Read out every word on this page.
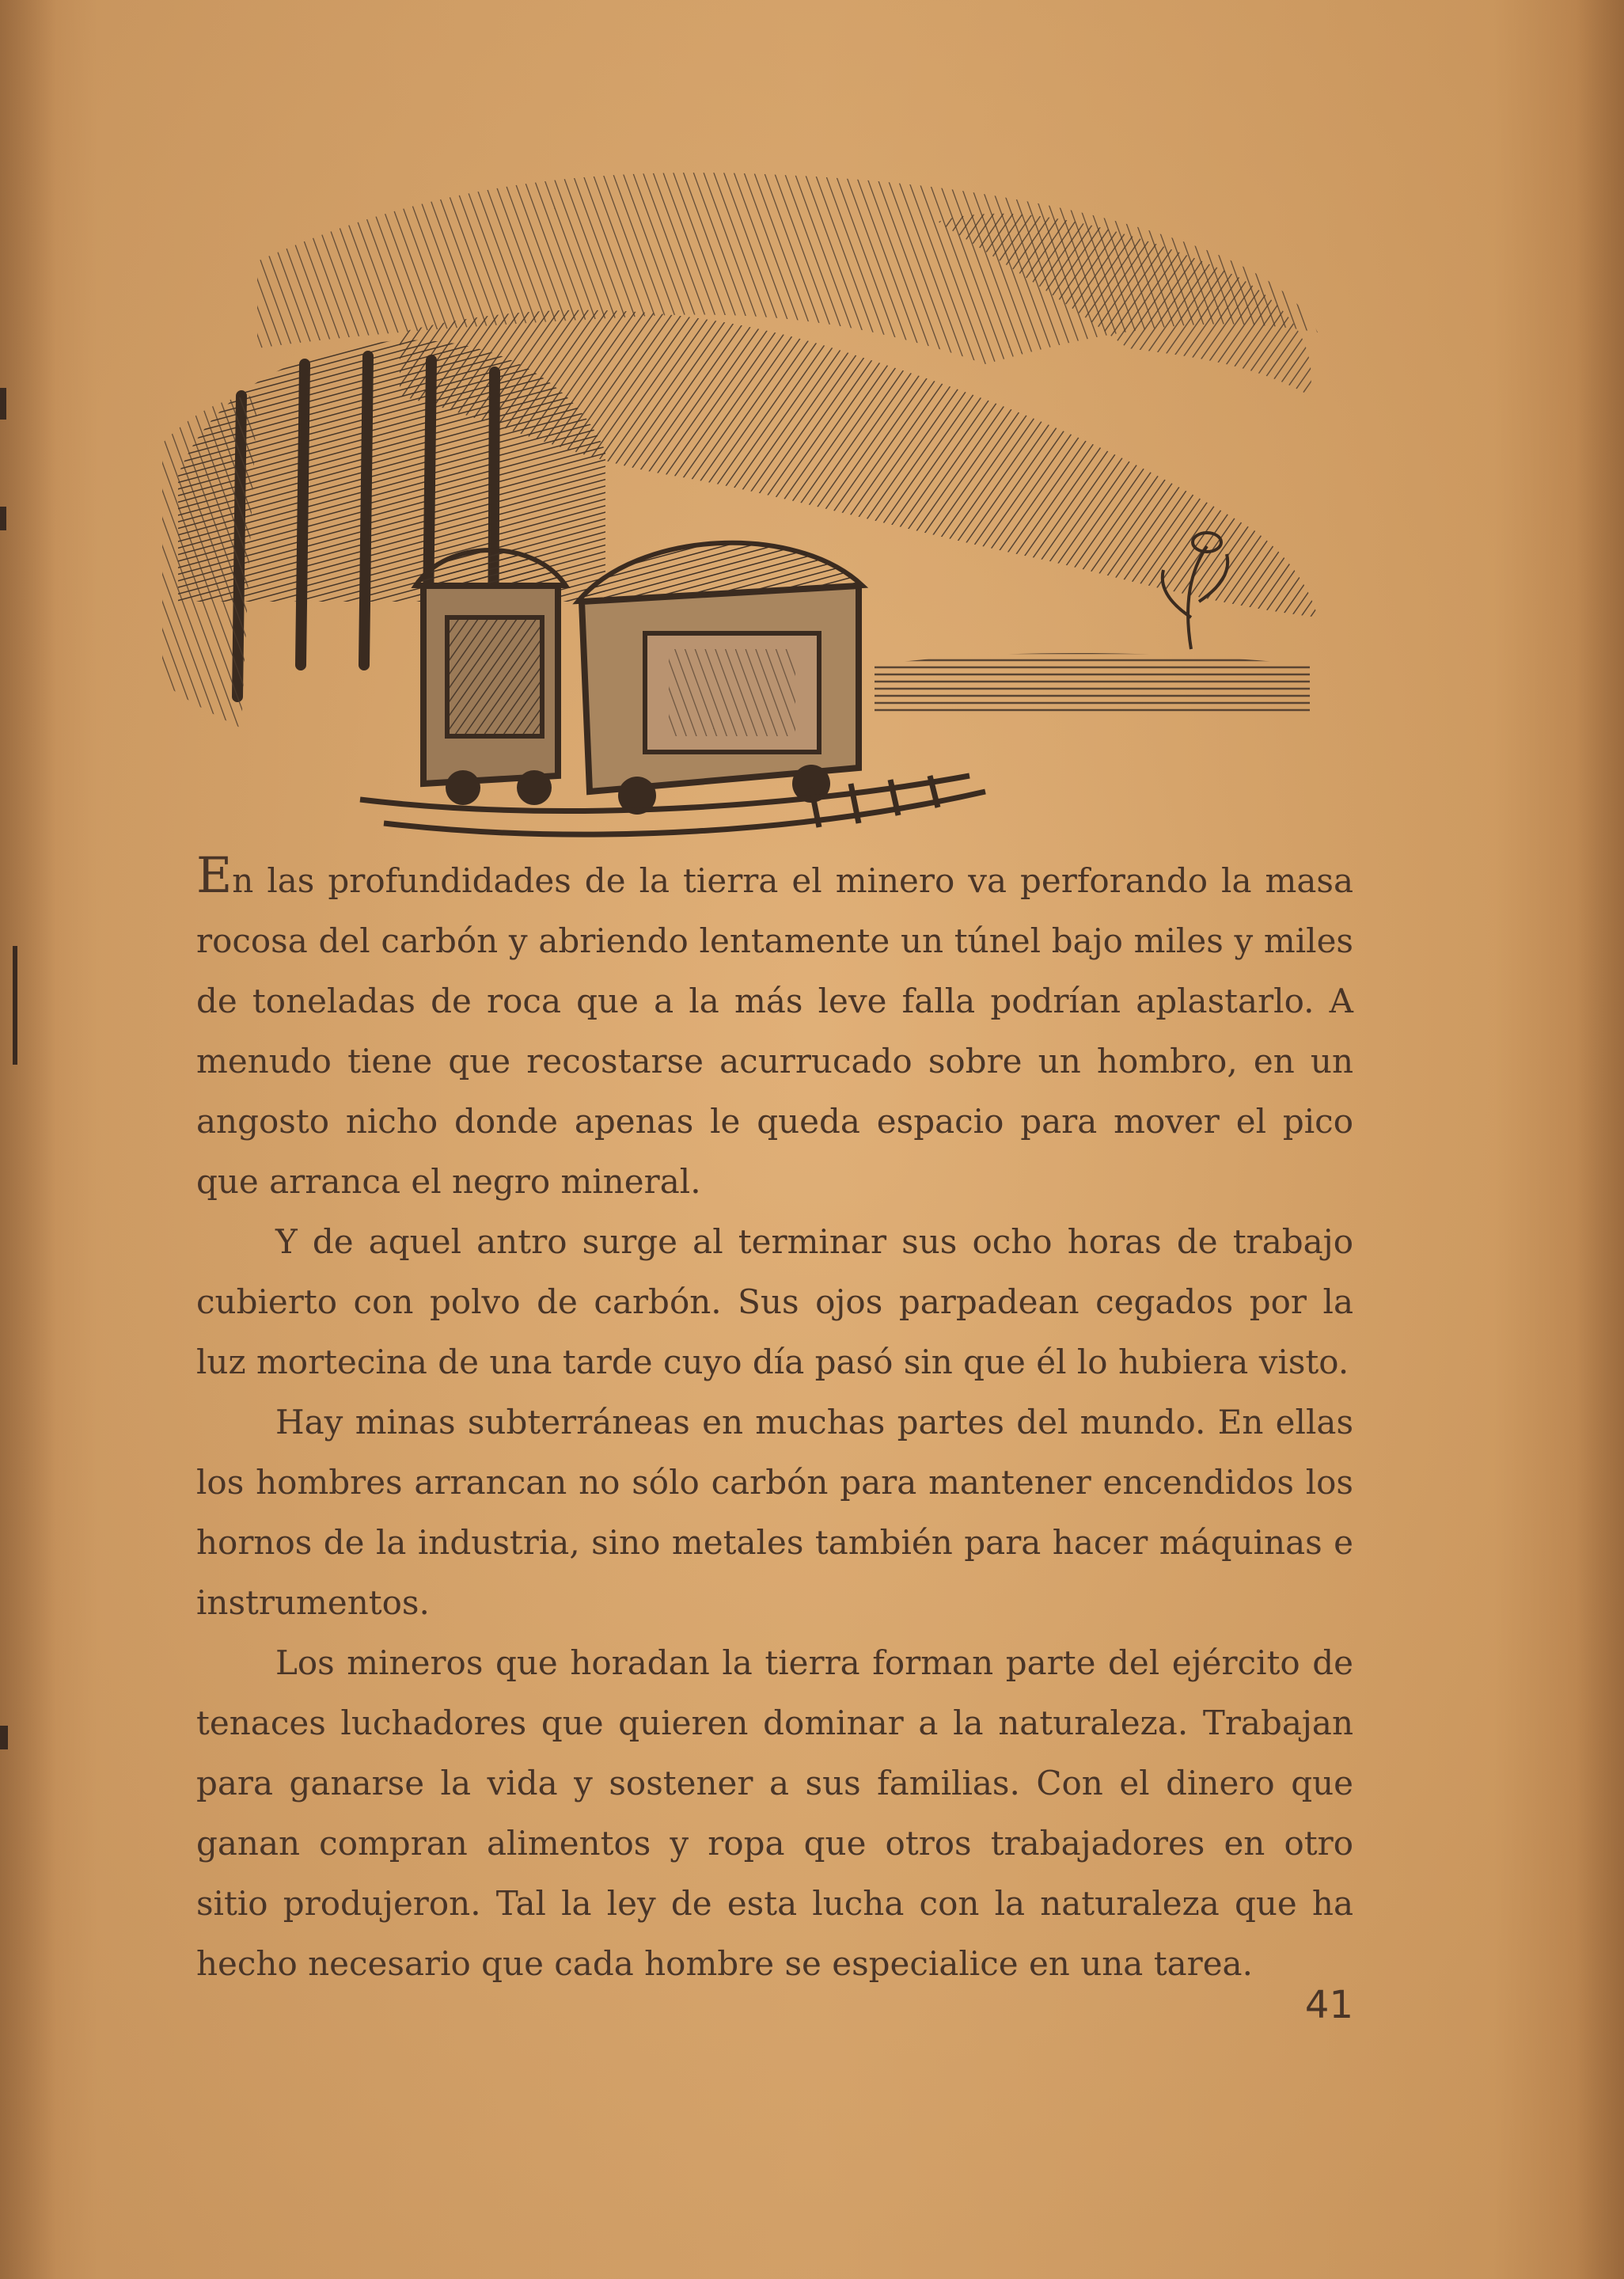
En las profundidades de la tierra el minero va perforando la masa rocosa del carbón y abriendo lentamente un túnel bajo miles y miles de toneladas de roca que a la más leve falla podrían aplastarlo. A menudo tiene que recostarse acurrucado sobre un hombro, en un angosto nicho donde apenas le queda espacio para mover el pico que arranca el negro mineral.

Y de aquel antro surge al terminar sus ocho horas de trabajo cubierto con polvo de carbón. Sus ojos parpadean cegados por la luz mortecina de una tarde cuyo día pasó sin que él lo hubiera visto.

Hay minas subterráneas en muchas partes del mundo. En ellas los hombres arrancan no sólo carbón para mantener encendidos los hornos de la industria, sino metales también para hacer máquinas e instrumentos.

Los mineros que horadan la tierra forman parte del ejército de tenaces luchadores que quieren dominar a la naturaleza. Trabajan para ganarse la vida y sostener a sus familias. Con el dinero que ganan compran alimentos y ropa que otros trabajadores en otro sitio produjeron. Tal la ley de esta lucha con la naturaleza que ha hecho necesario que cada hombre se especialice en una tarea.

41
